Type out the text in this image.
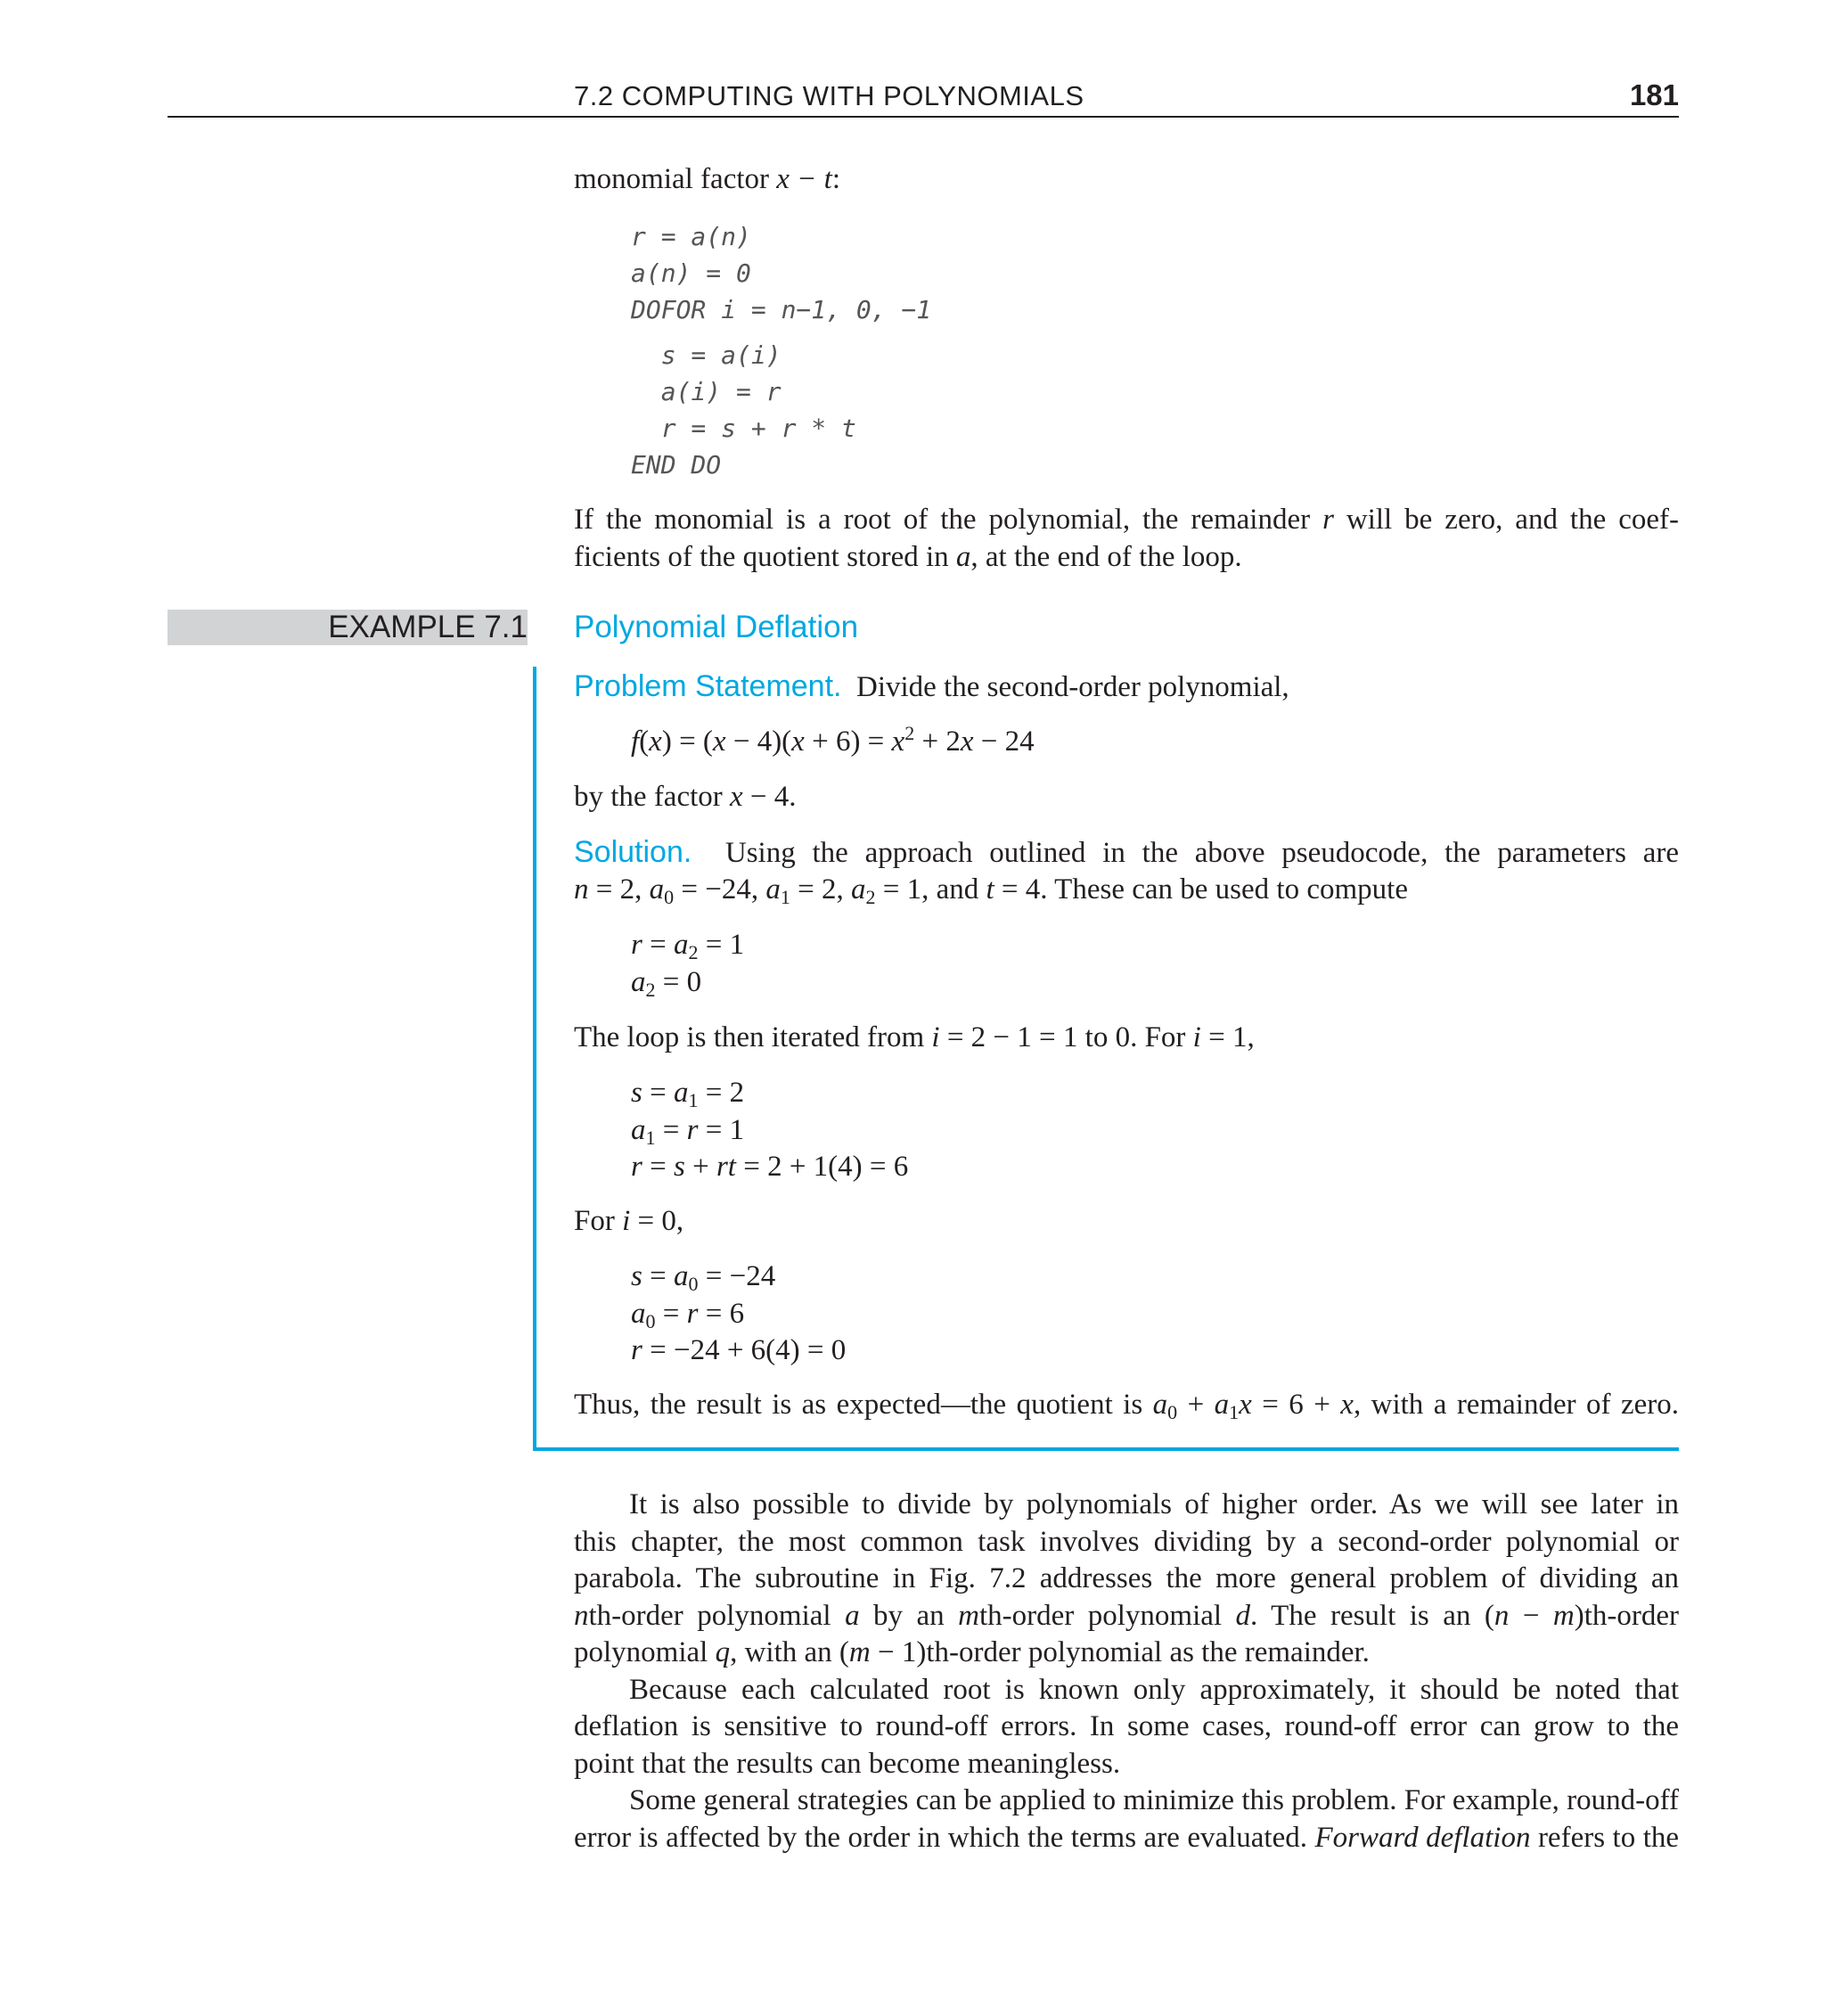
7.2 COMPUTING WITH POLYNOMIALS	181
monomial factor x − t:
r = a(n)
a(n) = 0
DOFOR i = n−1, 0, −1
s = a(i)
a(i) = r
r = s + r * t
END DO
If the monomial is a root of the polynomial, the remainder r will be zero, and the coef-
ficients of the quotient stored in a, at the end of the loop.
EXAMPLE 7.1 Polynomial Deflation
Problem Statement. Divide the second-order polynomial,
$f(x) = (x - 4)(x + 6) = x^2 + 2x - 24$
by the factor x − 4.
Solution. Using the approach outlined in the above pseudocode, the parameters are
n = 2, $a_0 = -24$, $a_1 = 2$, $a_2 = 1$, and t = 4. These can be used to compute
$r = a_2 = 1$
$a_2 = 0$
The loop is then iterated from i = 2 − 1 = 1 to 0. For i = 1,
$s = a_1 = 2$
$a_1 = r = 1$
r = s + rt = 2 + 1(4) = 6
For i = 0,
$s = a_0 = -24$
$a_0 = r = 6$
r = −24 + 6(4) = 0
Thus, the result is as expected—the quotient is $a_0 + a_1x = 6 + x$, with a remainder of zero.
It is also possible to divide by polynomials of higher order. As we will see later in
this chapter, the most common task involves dividing by a second-order polynomial or
parabola. The subroutine in Fig. 7.2 addresses the more general problem of dividing an
nth-order polynomial a by an mth-order polynomial d. The result is an (n − m)th-order
polynomial q, with an (m − 1)th-order polynomial as the remainder.
Because each calculated root is known only approximately, it should be noted that
deflation is sensitive to round-off errors. In some cases, round-off error can grow to the
point that the results can become meaningless.
Some general strategies can be applied to minimize this problem. For example, round-off
error is affected by the order in which the terms are evaluated. Forward deflation refers to the
